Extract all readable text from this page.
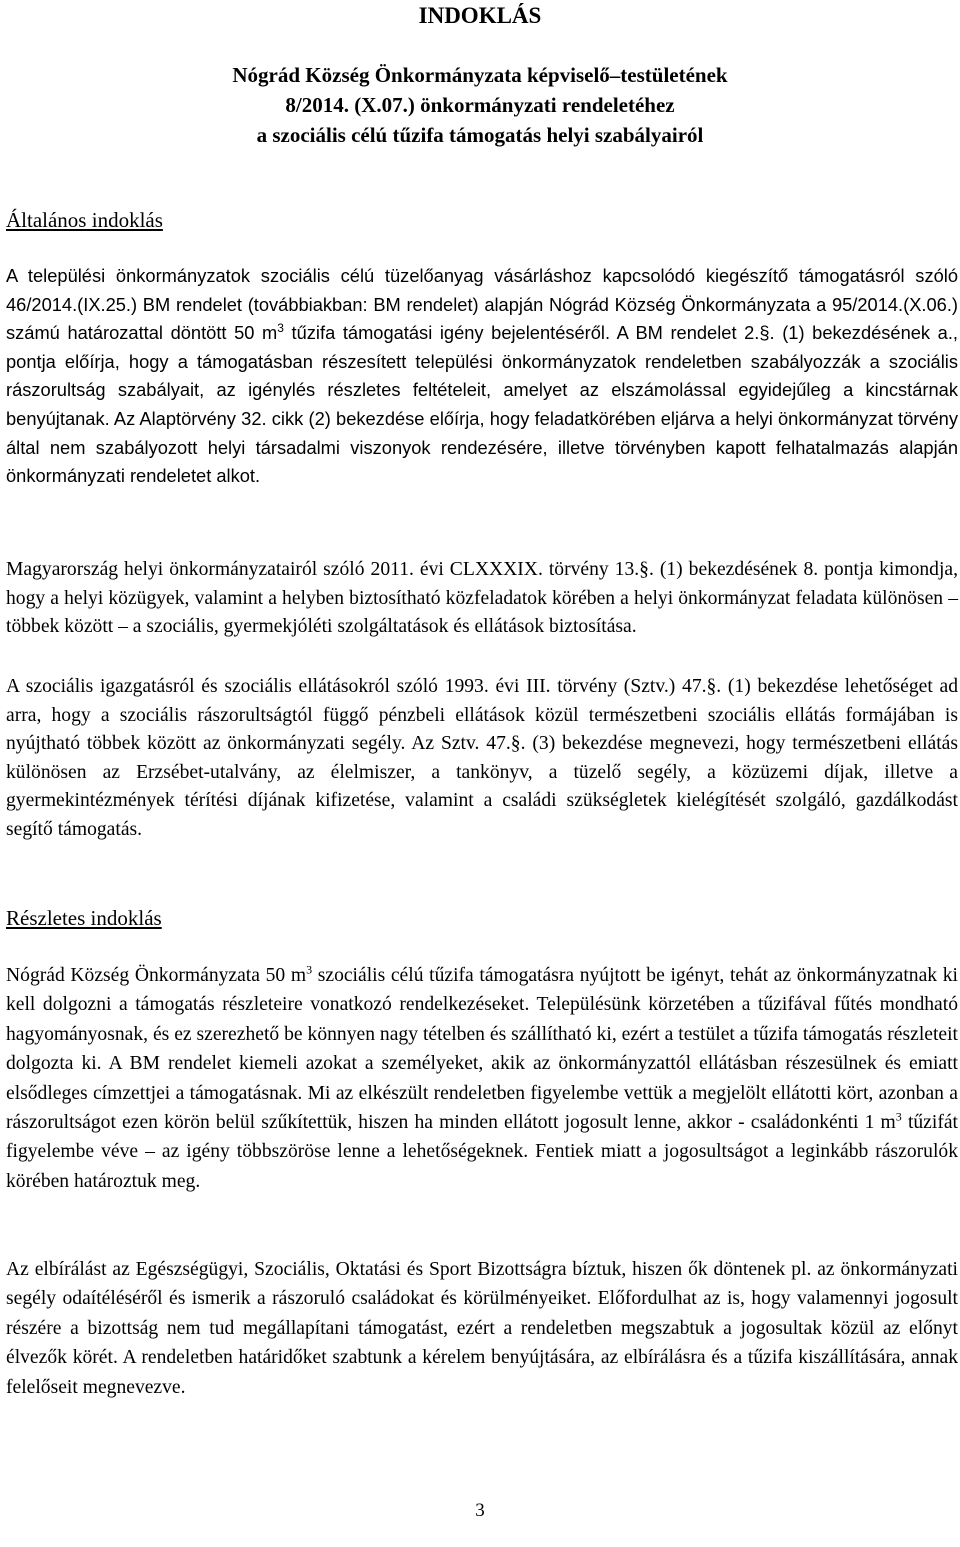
INDOKLÁS
Nógrád Község Önkormányzata képviselő–testületének
8/2014. (X.07.) önkormányzati rendeletéhez
a szociális célú tűzifa támogatás helyi szabályairól
Általános indoklás

A települési önkormányzatok szociális célú tüzelőanyag vásárláshoz kapcsolódó kiegészítő támogatásról szóló 46/2014.(IX.25.) BM rendelet (továbbiakban: BM rendelet) alapján Nógrád Község Önkormányzata a 95/2014.(X.06.) számú határozattal döntött 50 $m^3$ tűzifa támogatási igény bejelentéséről. A BM rendelet 2.§. (1) bekezdésének a., pontja előírja, hogy a támogatásban részesített települési önkormányzatok rendeletben szabályozzák a szociális rászorultság szabályait, az igénylés részletes feltételeit, amelyet az elszámolással egyidejűleg a kincstárnak benyújtanak. Az Alaptörvény 32. cikk (2) bekezdése előírja, hogy feladatkörében eljárva a helyi önkormányzat törvény által nem szabályozott helyi társadalmi viszonyok rendezésére, illetve törvényben kapott felhatalmazás alapján önkormányzati rendeletet alkot.

Magyarország helyi önkormányzatairól szóló 2011. évi CLXXXIX. törvény 13.§. (1) bekezdésének 8. pontja kimondja, hogy a helyi közügyek, valamint a helyben biztosítható közfeladatok körében a helyi önkormányzat feladata különösen – többek között – a szociális, gyermekjóléti szolgáltatások és ellátások biztosítása.

A szociális igazgatásról és szociális ellátásokról szóló 1993. évi III. törvény (Sztv.) 47.§. (1) bekezdése lehetőséget ad arra, hogy a szociális rászorultságtól függő pénzbeli ellátások közül természetbeni szociális ellátás formájában is nyújtható többek között az önkormányzati segély. Az Sztv. 47.§. (3) bekezdése megnevezi, hogy természetbeni ellátás különösen az Erzsébet-utalvány, az élelmiszer, a tankönyv, a tüzelő segély, a közüzemi díjak, illetve a gyermekintézmények térítési díjának kifizetése, valamint a családi szükségletek kielégítését szolgáló, gazdálkodást segítő támogatás.

Részletes indoklás

Nógrád Község Önkormányzata 50 $m^3$ szociális célú tűzifa támogatásra nyújtott be igényt, tehát az önkormányzatnak ki kell dolgozni a támogatás részleteire vonatkozó rendelkezéseket. Településünk körzetében a tűzifával fűtés mondható hagyományosnak, és ez szerezhető be könnyen nagy tételben és szállítható ki, ezért a testület a tűzifa támogatás részleteit dolgozta ki. A BM rendelet kiemeli azokat a személyeket, akik az önkormányzattól ellátásban részesülnek és emiatt elsődleges címzettjei a támogatásnak. Mi az elkészült rendeletben figyelembe vettük a megjelölt ellátotti kört, azonban a rászorultságot ezen körön belül szűkítettük, hiszen ha minden ellátott jogosult lenne, akkor - családonkénti 1 $m^3$ tűzifát figyelembe véve – az igény többszöröse lenne a lehetőségeknek. Fentiek miatt a jogosultságot a leginkább rászorulók körében határoztuk meg.

Az elbírálást az Egészségügyi, Szociális, Oktatási és Sport Bizottságra bíztuk, hiszen ők döntenek pl. az önkormányzati segély odaítéléséről és ismerik a rászoruló családokat és körülményeiket. Előfordulhat az is, hogy valamennyi jogosult részére a bizottság nem tud megállapítani támogatást, ezért a rendeletben megszabtuk a jogosultak közül az előnyt élvezők körét. A rendeletben határidőket szabtunk a kérelem benyújtására, az elbírálásra és a tűzifa kiszállítására, annak felelőseit megnevezve.

3
